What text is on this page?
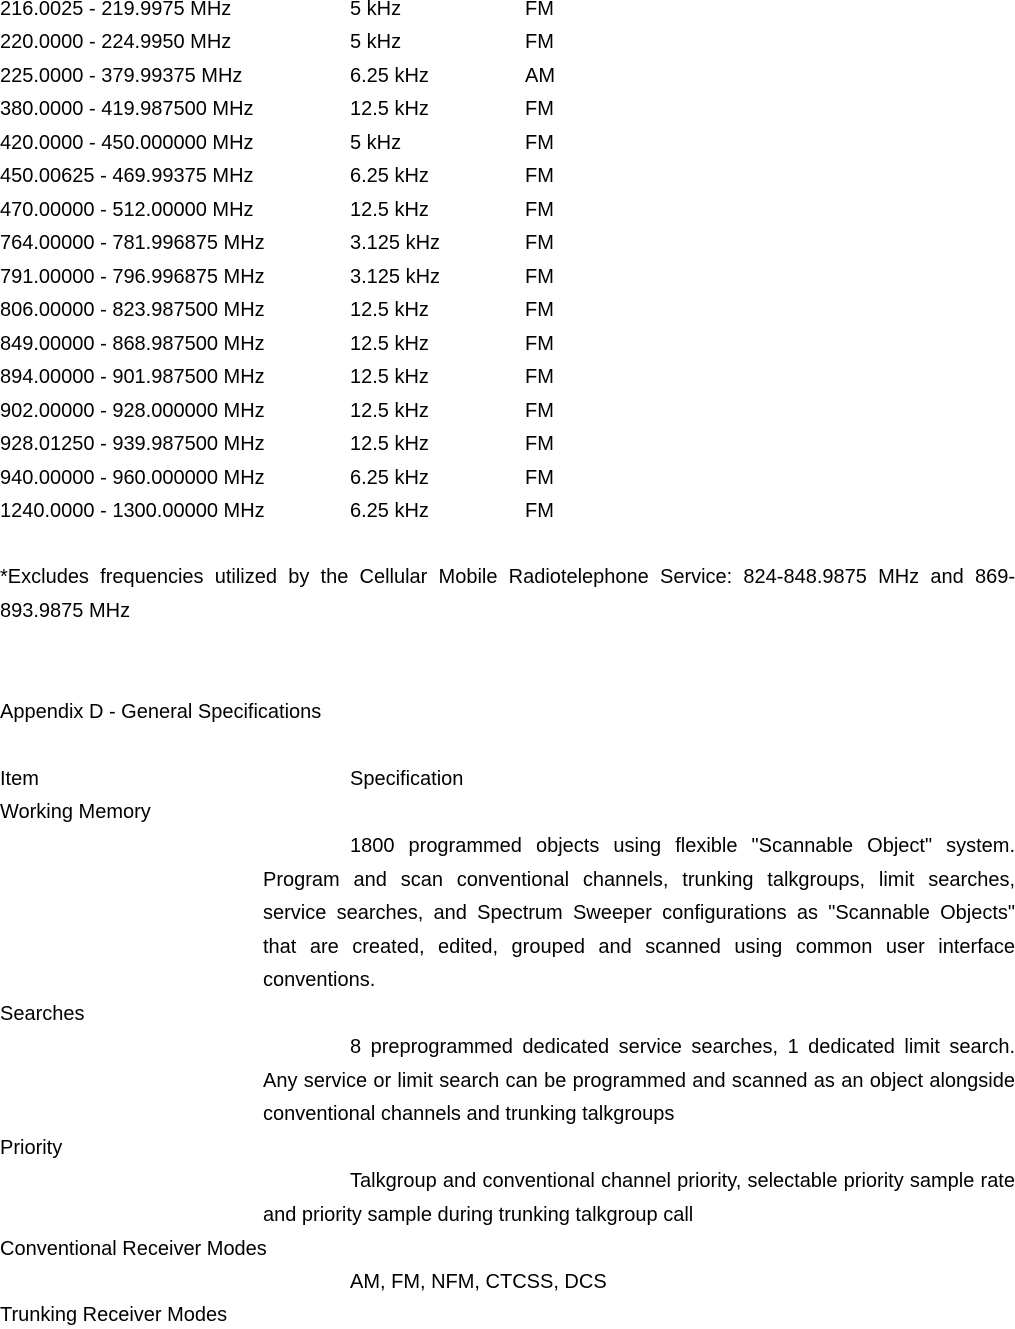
216.0025 - 219.9975 MHz	5 kHz	FM
220.0000 - 224.9950 MHz	5 kHz	FM
225.0000 - 379.99375 MHz	6.25 kHz	AM
380.0000 - 419.987500 MHz	12.5 kHz	FM
420.0000 - 450.000000 MHz	5 kHz	FM
450.00625 - 469.99375 MHz	6.25 kHz	FM
470.00000 - 512.00000 MHz	12.5 kHz	FM
764.00000 - 781.996875 MHz	3.125 kHz	FM
791.00000 - 796.996875 MHz	3.125 kHz	FM
806.00000 - 823.987500 MHz	12.5 kHz	FM
849.00000 - 868.987500 MHz	12.5 kHz	FM
894.00000 - 901.987500 MHz	12.5 kHz	FM
902.00000 - 928.000000 MHz	12.5 kHz	FM
928.01250 - 939.987500 MHz	12.5 kHz	FM
940.00000 - 960.000000 MHz	6.25 kHz	FM
1240.0000 - 1300.00000 MHz	6.25 kHz	FM
*Excludes frequencies utilized by the Cellular Mobile Radiotelephone Service: 824-848.9875 MHz and 869-893.9875 MHz
Appendix D - General Specifications
Item	Specification
Working Memory
1800 programmed objects using flexible "Scannable Object" system. Program and scan conventional channels, trunking talkgroups, limit searches, service searches, and Spectrum Sweeper configurations as "Scannable Objects" that are created, edited, grouped and scanned using common user interface conventions.
Searches
8 preprogrammed dedicated service searches, 1 dedicated limit search. Any service or limit search can be programmed and scanned as an object alongside conventional channels and trunking talkgroups
Priority
Talkgroup and conventional channel priority, selectable priority sample rate and priority sample during trunking talkgroup call
Conventional Receiver Modes
AM, FM, NFM, CTCSS, DCS
Trunking Receiver Modes
